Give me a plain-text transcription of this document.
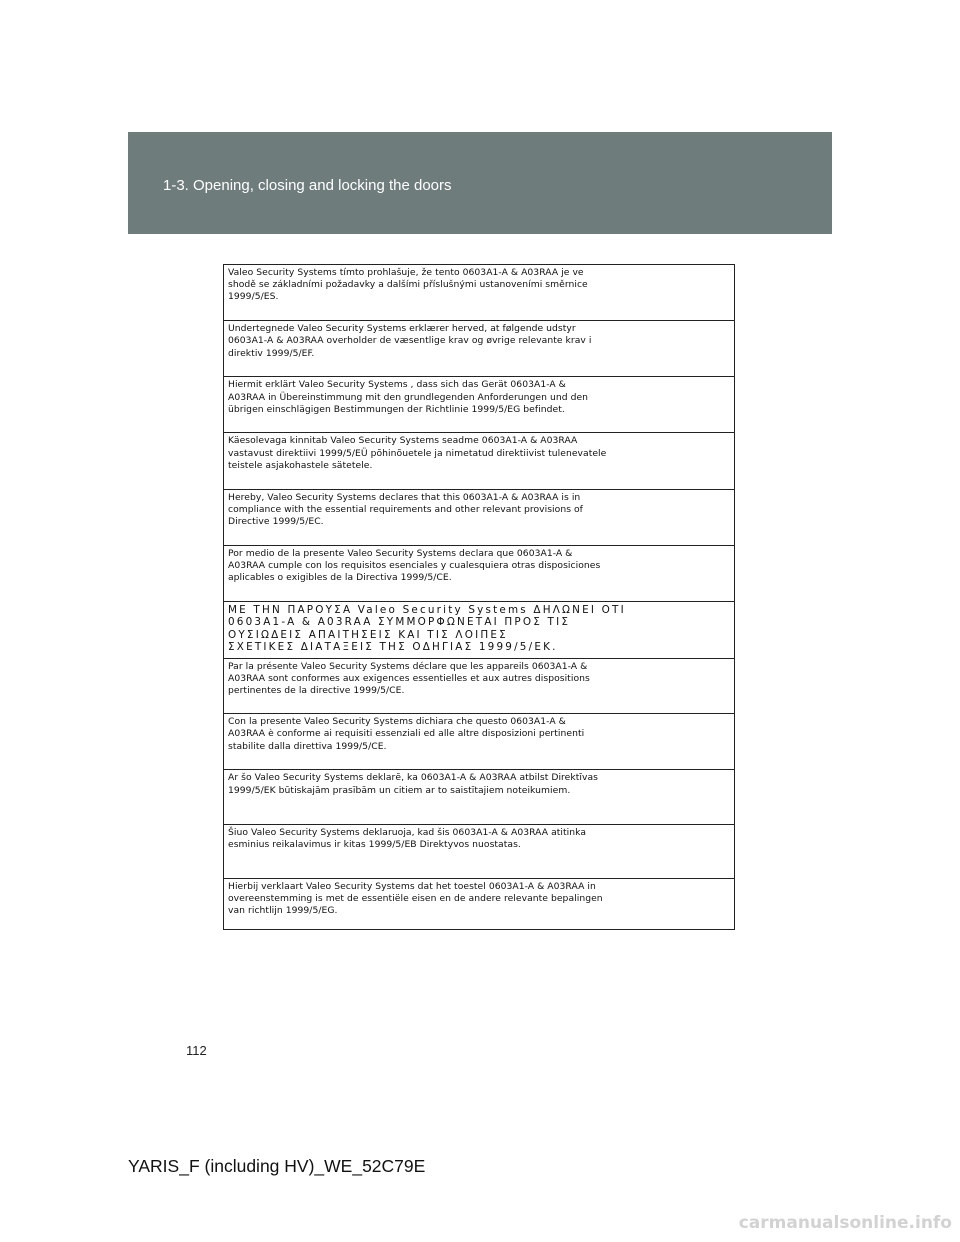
1-3. Opening, closing and locking the doors
Valeo Security Systems tímto prohlašuje, že tento 0603A1-A & A03RAA je ve
shodě se základními požadavky a dalšími příslušnými ustanoveními směrnice
1999/5/ES.
Undertegnede Valeo Security Systems erklærer herved, at følgende udstyr
0603A1-A & A03RAA overholder de væsentlige krav og øvrige relevante krav i
direktiv 1999/5/EF.
Hiermit erklärt Valeo Security Systems , dass sich das Gerät 0603A1-A &
A03RAA in Übereinstimmung mit den grundlegenden Anforderungen und den
übrigen einschlägigen Bestimmungen der Richtlinie 1999/5/EG befindet.
Käesolevaga kinnitab Valeo Security Systems seadme 0603A1-A & A03RAA
vastavust direktiivi 1999/5/EÜ põhinõuetele ja nimetatud direktiivist tulenevatele
teistele asjakohastele sätetele.
Hereby, Valeo Security Systems declares that this 0603A1-A & A03RAA is in
compliance with the essential requirements and other relevant provisions of
Directive 1999/5/EC.
Por medio de la presente Valeo Security Systems declara que 0603A1-A &
A03RAA cumple con los requisitos esenciales y cualesquiera otras disposiciones
aplicables o exigibles de la Directiva 1999/5/CE.
ΜΕ ΤΗΝ ΠΑΡΟΥΣΑ Valeo Security Systems ΔΗΛΩΝΕΙ ΟΤΙ
0603A1-A & A03RAA ΣΥΜΜΟΡΦΩΝΕΤΑΙ ΠΡΟΣ ΤΙΣ
ΟΥΣΙΩΔΕΙΣ ΑΠΑΙΤΗΣΕΙΣ ΚΑΙ ΤΙΣ ΛΟΙΠΕΣ
ΣΧΕΤΙΚΕΣ ΔΙΑΤΑΞΕΙΣ ΤΗΣ ΟΔΗΓΙΑΣ 1999/5/ΕΚ.
Par la présente Valeo Security Systems déclare que les appareils 0603A1-A &
A03RAA sont conformes aux exigences essentielles et aux autres dispositions
pertinentes de la directive 1999/5/CE.
Con la presente Valeo Security Systems dichiara che questo 0603A1-A &
A03RAA è conforme ai requisiti essenziali ed alle altre disposizioni pertinenti
stabilite dalla direttiva 1999/5/CE.
Ar šo Valeo Security Systems deklarē, ka 0603A1-A & A03RAA atbilst Direktīvas
1999/5/EK būtiskajām prasībām un citiem ar to saistītajiem noteikumiem.
Šiuo Valeo Security Systems deklaruoja, kad šis 0603A1-A & A03RAA atitinka
esminius reikalavimus ir kitas 1999/5/EB Direktyvos nuostatas.
Hierbij verklaart Valeo Security Systems dat het toestel 0603A1-A & A03RAA in
overeenstemming is met de essentiële eisen en de andere relevante bepalingen
van richtlijn 1999/5/EG.
112
YARIS_F (including HV)_WE_52C79E
carmanualsonline.info
